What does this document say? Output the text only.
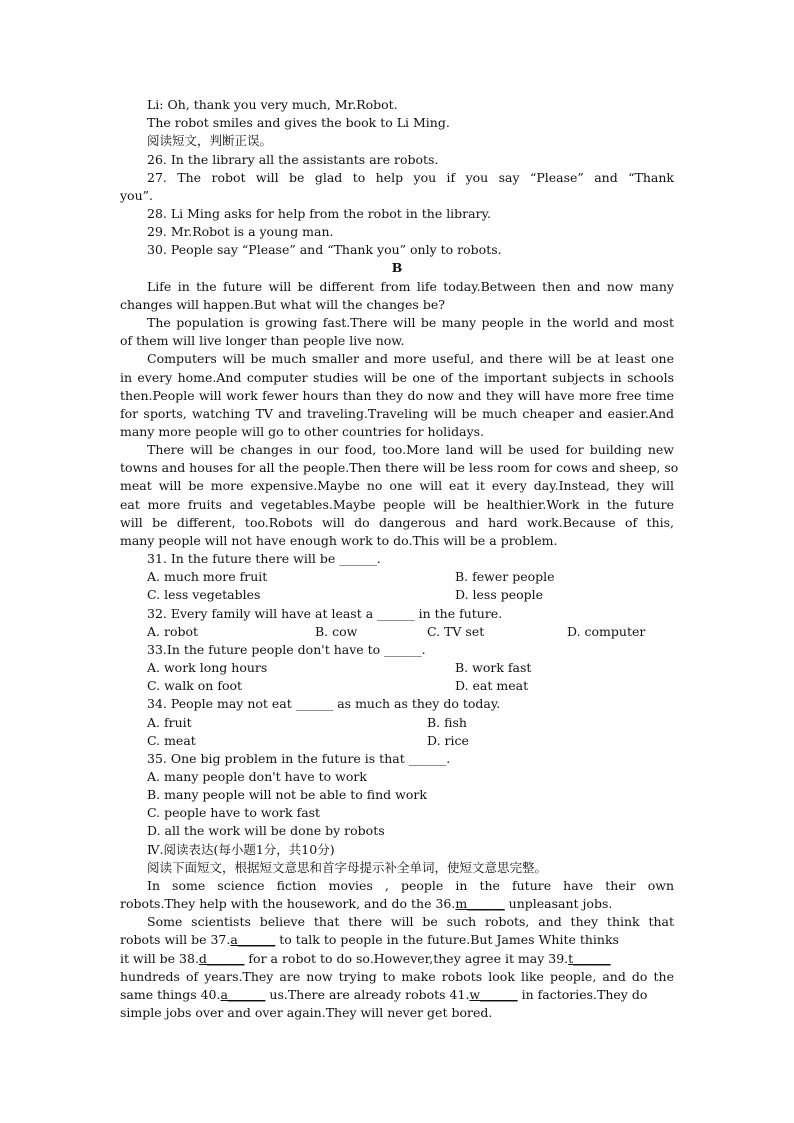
Li: Oh, thank you very much, Mr.Robot.
The robot smiles and gives the book to Li Ming.
阅读短文，判断正误。
26. In the library all the assistants are robots.
27. The robot will be glad to help you if you say “Please” and “Thank
you”.
28. Li Ming asks for help from the robot in the library.
29. Mr.Robot is a young man.
30. People say “Please” and “Thank you” only to robots.
B
Life in the future will be different from life today.Between then and now many
changes will happen.But what will the changes be?
The population is growing fast.There will be many people in the world and most
of them will live longer than people live now.
Computers will be much smaller and more useful, and there will be at least one
in every home.And computer studies will be one of the important subjects in schools
then.People will work fewer hours than they do now and they will have more free time
for sports, watching TV and traveling.Traveling will be much cheaper and easier.And
many more people will go to other countries for holidays.
There will be changes in our food, too.More land will be used for building new
towns and houses for all the people.Then there will be less room for cows and sheep, so
meat will be more expensive.Maybe no one will eat it every day.Instead, they will
eat more fruits and vegetables.Maybe people will be healthier.Work in the future
will be different, too.Robots will do dangerous and hard work.Because of this,
many people will not have enough work to do.This will be a problem.
31. In the future there will be ______.
A. much more fruit	B. fewer people
C. less vegetables	D. less people
32. Every family will have at least a ______ in the future.
A. robot	B. cow	C. TV set	D. computer
33.In the future people don't have to ______.
A. work long hours	B. work fast
C. walk on foot	D. eat meat
34. People may not eat ______ as much as they do today.
A. fruit	B. fish
C. meat	D. rice
35. One big problem in the future is that ______.
A. many people don't have to work
B. many people will not be able to find work
C. people have to work fast
D. all the work will be done by robots
Ⅳ.阅读表达(每小题1分，共10分)
阅读下面短文，根据短文意思和首字母提示补全单词，使短文意思完整。
In some science fiction movies , people in the future have their own
robots.They help with the housework, and do the 36.m______ unpleasant jobs.
Some scientists believe that there will be such robots, and they think that
robots will be 37.a______ to talk to people in the future.But James White thinks
it will be 38.d______ for a robot to do so.However,they agree it may 39.t______
hundreds of years.They are now trying to make robots look like people, and do the
same things 40.a______ us.There are already robots 41.w______ in factories.They do
simple jobs over and over again.They will never get bored.
